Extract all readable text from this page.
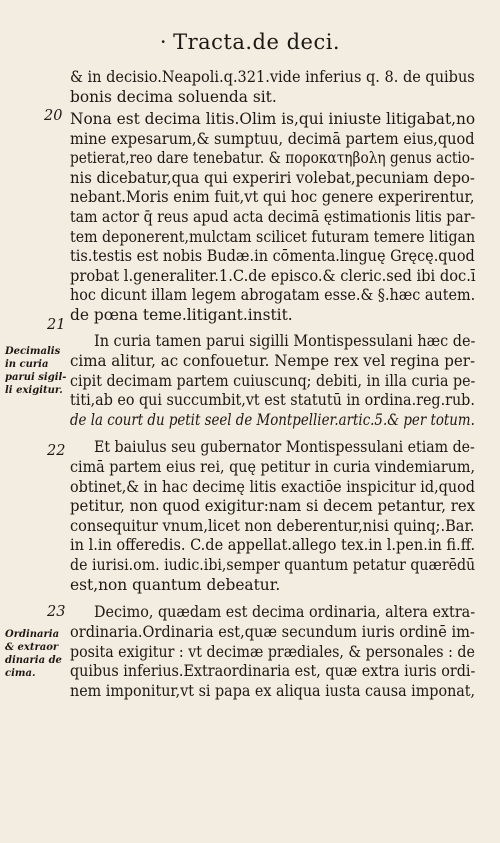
· Tracta.de deci.
20
21
22
23
Decimalis
in curia
parui sigil-
li exigitur.
Ordinaria
& extraor
dinaria de
cima.
& in decisio.Neapoli.q.321.vide inferius q. 8. de quibus
bonis decima soluenda sit.
Nona est decima litis.Olim is,qui iniuste litigabat,no
mine expesarum,& sumptuu, decimā partem eius,quod
petierat,reo dare tenebatur. & ποροκατηβολη genus actio-
nis dicebatur,qua qui experiri volebat,pecuniam depo-
nebant.Moris enim fuit,vt qui hoc genere experirentur,
tam actor q̄ reus apud acta decimā ęstimationis litis par-
tem deponerent,mulctam scilicet futuram temere litigan
tis.testis est nobis Budæ.in cōmenta.linguę Gręcę.quod
probat l.generaliter.1.C.de episco.& cleric.sed ibi doc.ī
hoc dicunt illam legem abrogatam esse.& §.hæc autem.
de pœna teme.litigant.instit.
In curia tamen parui sigilli Montispessulani hæc de-
cima alitur, ac confouetur. Nempe rex vel regina per-
cipit decimam partem cuiuscunq; debiti, in illa curia pe-
titi,ab eo qui succumbit,vt est statutū in ordina.reg.rub.
de la court du petit seel de Montpellier.artic.5.& per totum.
Et baiulus seu gubernator Montispessulani etiam de-
cimā partem eius rei, quę petitur in curia vindemiarum,
obtinet,& in hac decimę litis exactiōe inspicitur id,quod
petitur, non quod exigitur:nam si decem petantur, rex
consequitur vnum,licet non deberentur,nisi quinq;.Bar.
in l.in offeredis. C.de appellat.allego tex.in l.pen.in fi.ff.
de iurisi.om. iudic.ibi,semper quantum petatur quærēdū
est,non quantum debeatur.
Decimo, quædam est decima ordinaria, altera extra-
ordinaria.Ordinaria est,quæ secundum iuris ordinē im-
posita exigitur : vt decimæ prædiales, & personales : de
quibus inferius.Extraordinaria est, quæ extra iuris ordi-
nem imponitur,vt si papa ex aliqua iusta causa imponat,
